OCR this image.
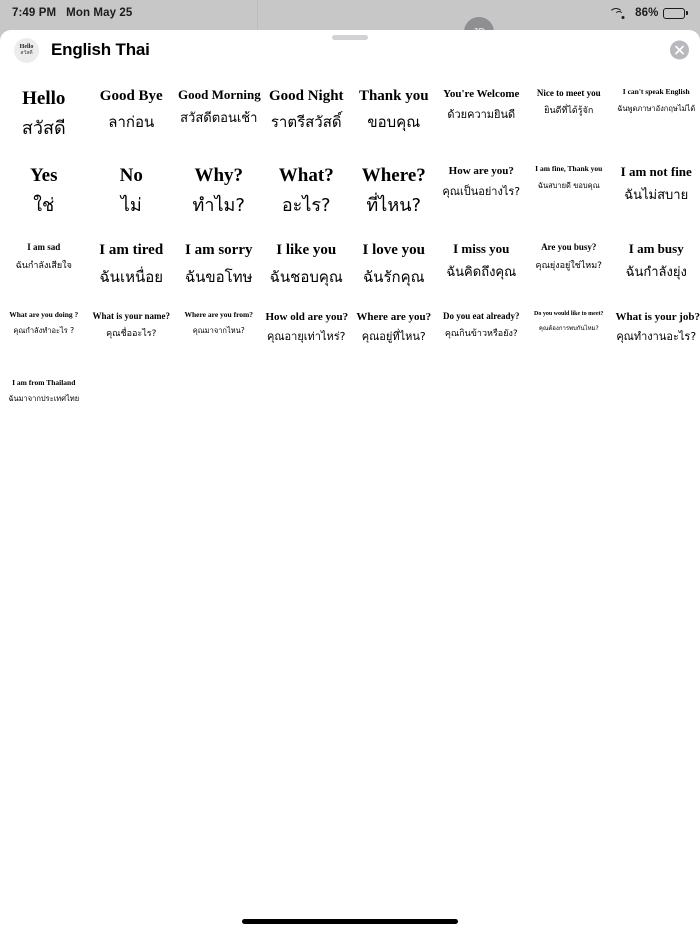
7:49 PM Mon May 25	86%
Hello
สวัสดี English Thai
Hello
สวัสดี
Good Bye
ลาก่อน
Good Morning
สวัสดีตอนเช้า
Good Night
ราตรีสวัสดิ์
Thank you
ขอบคุณ
You're Welcome
ด้วยความยินดี
Nice to meet you
ยินดีที่ได้รู้จัก
I can't speak English
ฉันพูดภาษาอังกฤษไม่ได้
Yes
ใช่
No
ไม่
Why?
ทำไม?
What?
อะไร?
Where?
ที่ไหน?
How are you?
คุณเป็นอย่างไร?
I am fine, Thank you
ฉันสบายดี ขอบคุณ
I am not fine
ฉันไม่สบาย
I am sad
ฉันกำลังเสียใจ
I am tired
ฉันเหนื่อย
I am sorry
ฉันขอโทษ
I like you
ฉันชอบคุณ
I love you
ฉันรักคุณ
I miss you
ฉันคิดถึงคุณ
Are you busy?
คุณยุ่งอยู่ใช่ไหม?
I am busy
ฉันกำลังยุ่ง
What are you doing ?
คุณกำลังทำอะไร ?
What is your name?
คุณชื่ออะไร?
Where are you from?
คุณมาจากไหน?
How old are you?
คุณอายุเท่าไหร่?
Where are you?
คุณอยู่ที่ไหน?
Do you eat already?
คุณกินข้าวหรือยัง?
Do you would like to meet?
คุณต้องการพบกันไหม?
What is your job?
คุณทำงานอะไร?
I am from Thailand
ฉันมาจากประเทศไทย
